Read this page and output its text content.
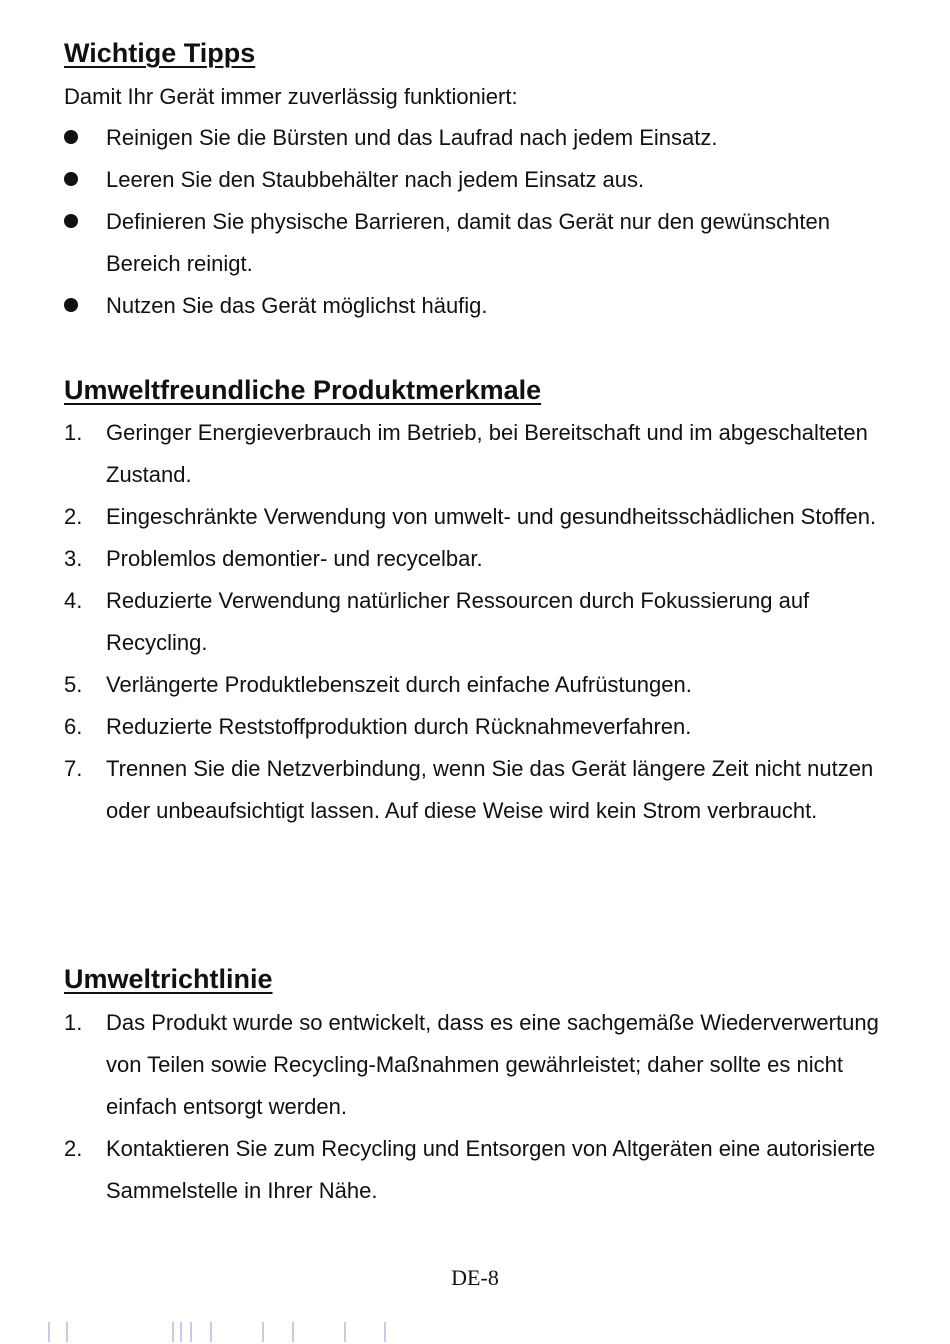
Wichtige Tipps

Damit Ihr Gerät immer zuverlässig funktioniert:

Reinigen Sie die Bürsten und das Laufrad nach jedem Einsatz.
Leeren Sie den Staubbehälter nach jedem Einsatz aus.
Definieren Sie physische Barrieren, damit das Gerät nur den gewünschten Bereich reinigt.
Nutzen Sie das Gerät möglichst häufig.
Umweltfreundliche Produktmerkmale
1. Geringer Energieverbrauch im Betrieb, bei Bereitschaft und im abgeschalteten Zustand.
2. Eingeschränkte Verwendung von umwelt- und gesundheitsschädlichen Stoffen.
3. Problemlos demontier- und recycelbar.
4. Reduzierte Verwendung natürlicher Ressourcen durch Fokussierung auf Recycling.
5. Verlängerte Produktlebenszeit durch einfache Aufrüstungen.
6. Reduzierte Reststoffproduktion durch Rücknahmeverfahren.
7. Trennen Sie die Netzverbindung, wenn Sie das Gerät längere Zeit nicht nutzen oder unbeaufsichtigt lassen. Auf diese Weise wird kein Strom verbraucht.
Umweltrichtlinie
1. Das Produkt wurde so entwickelt, dass es eine sachgemäße Wiederverwertung von Teilen sowie Recycling-Maßnahmen gewährleistet; daher sollte es nicht einfach entsorgt werden.
2. Kontaktieren Sie zum Recycling und Entsorgen von Altgeräten eine autorisierte Sammelstelle in Ihrer Nähe.
DE-8
